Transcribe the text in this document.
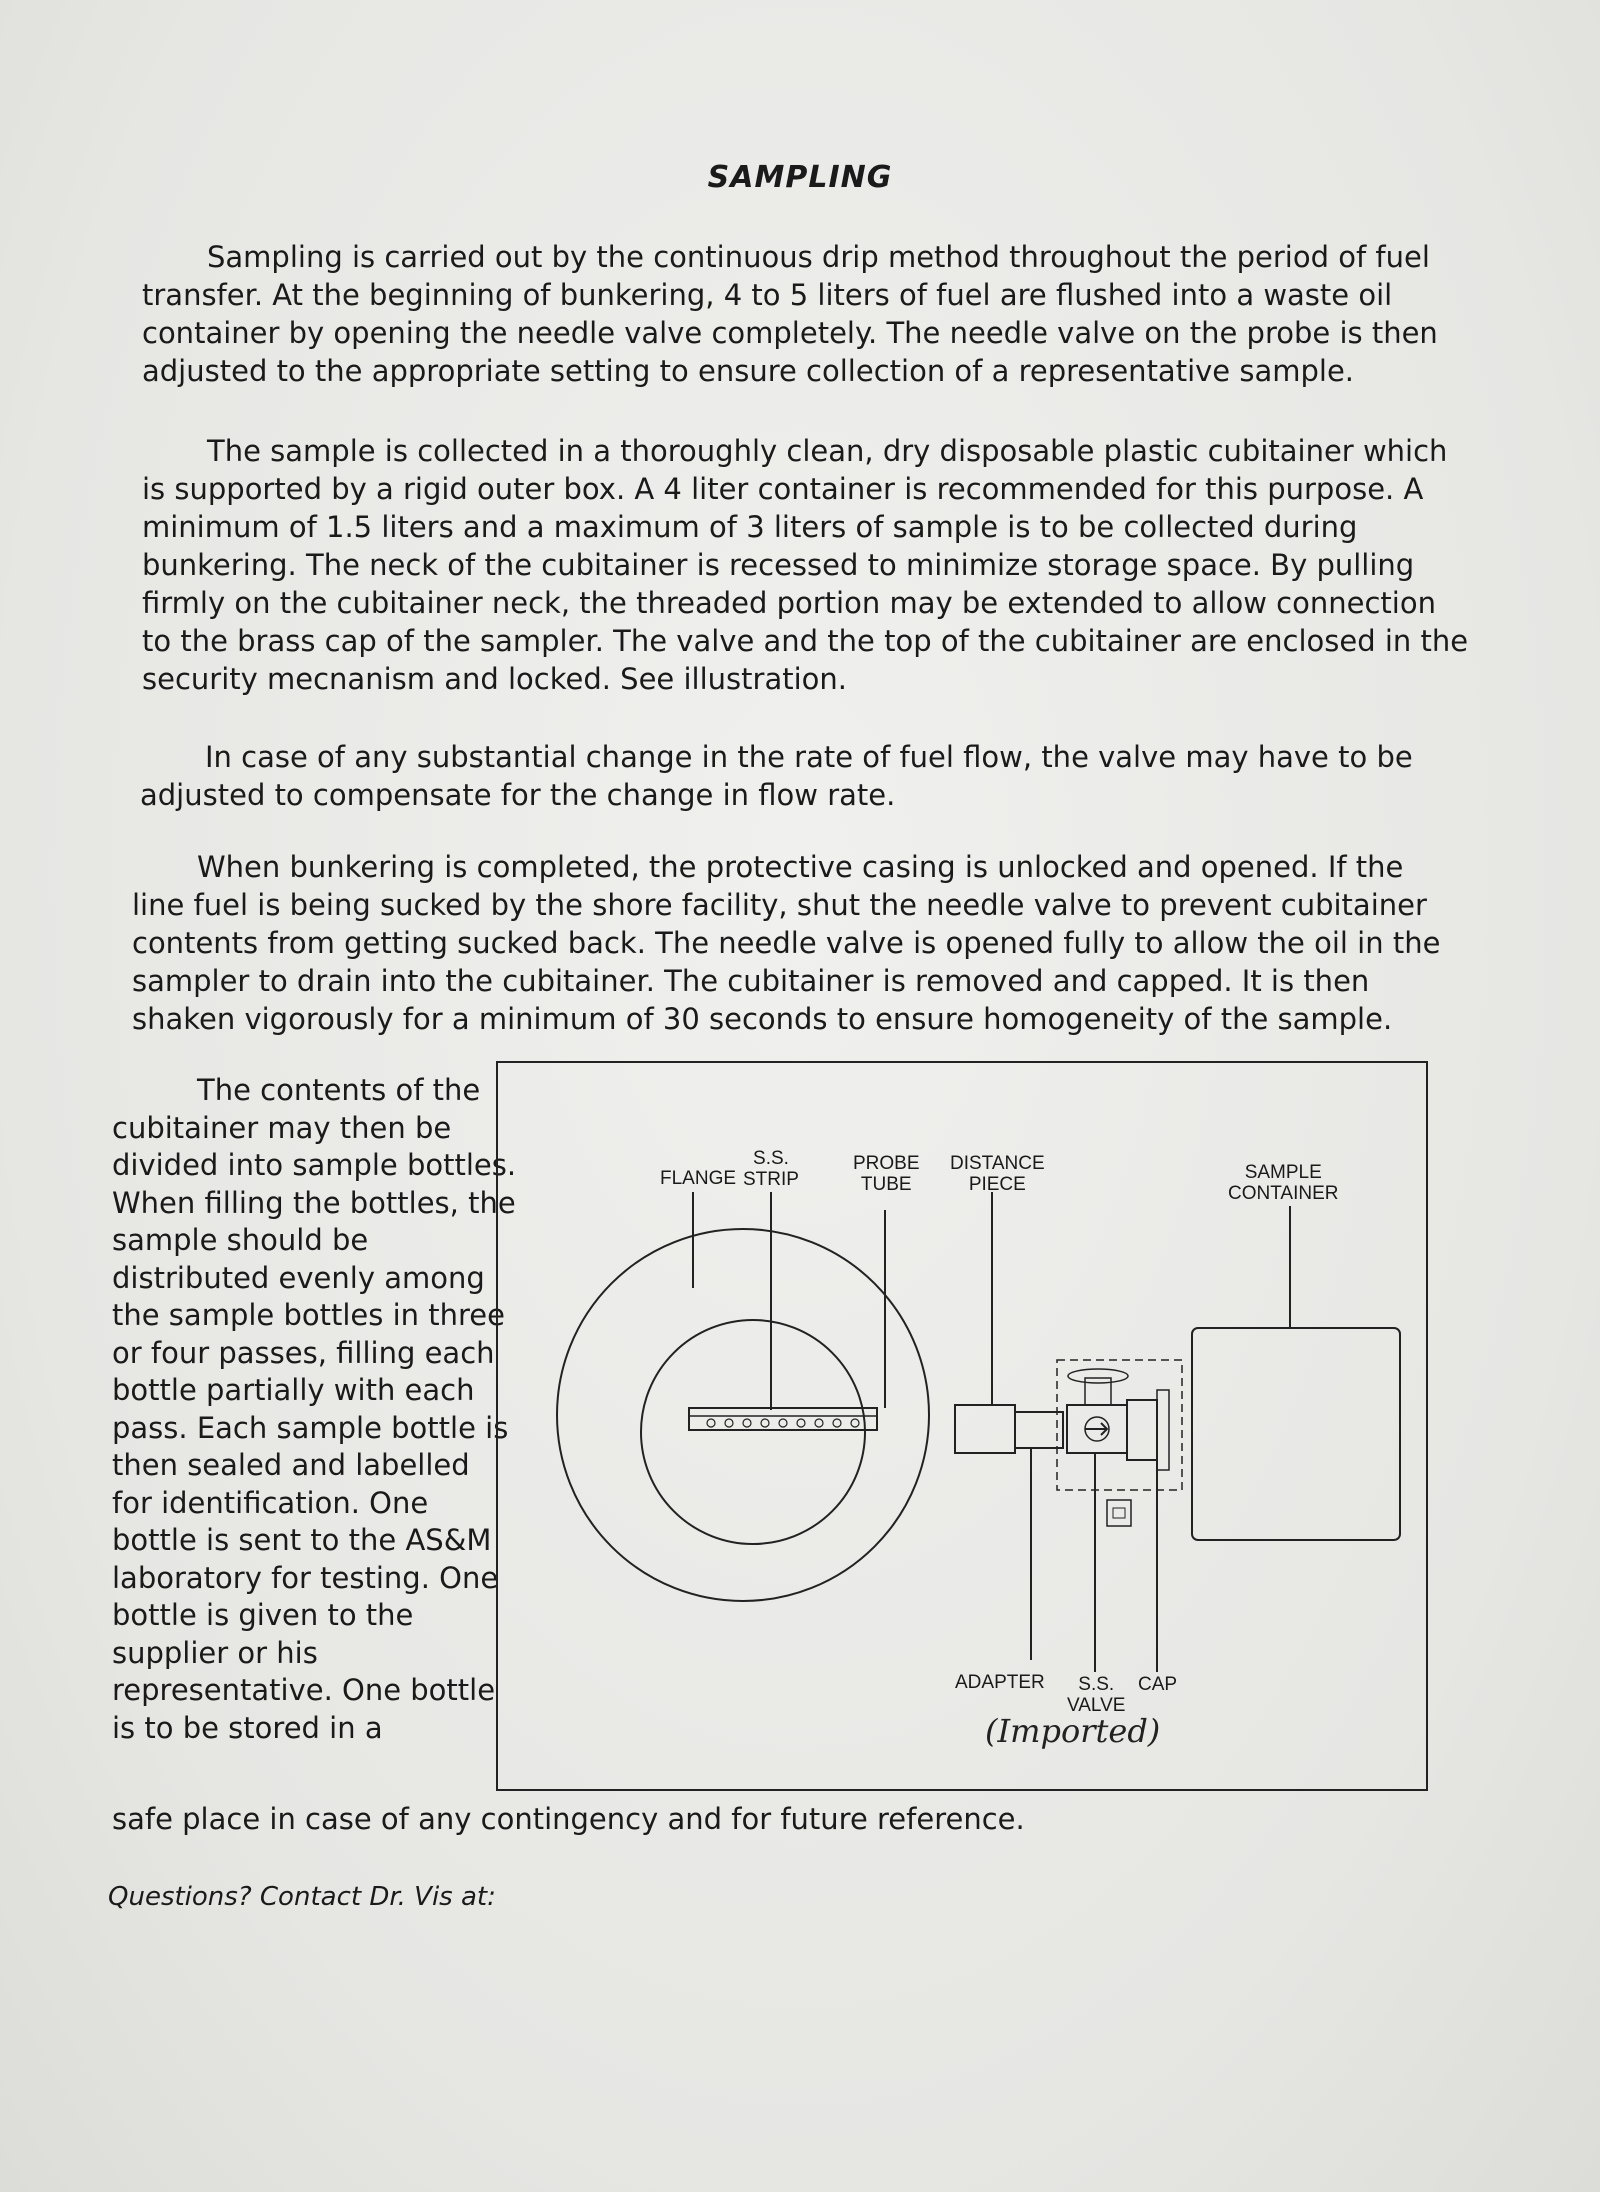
SAMPLING

Sampling is carried out by the continuous drip method throughout the period of fuel transfer. At the beginning of bunkering, 4 to 5 liters of fuel are flushed into a waste oil container by opening the needle valve completely. The needle valve on the probe is then adjusted to the appropriate setting to ensure collection of a representative sample.

The sample is collected in a thoroughly clean, dry disposable plastic cubitainer which is supported by a rigid outer box. A 4 liter container is recommended for this purpose. A minimum of 1.5 liters and a maximum of 3 liters of sample is to be collected during bunkering. The neck of the cubitainer is recessed to minimize storage space. By pulling firmly on the cubitainer neck, the threaded portion may be extended to allow connection to the brass cap of the sampler. The valve and the top of the cubitainer are enclosed in the security mecnanism and locked. See illustration.

In case of any substantial change in the rate of fuel flow, the valve may have to be adjusted to compensate for the change in flow rate.

When bunkering is completed, the protective casing is unlocked and opened. If the line fuel is being sucked by the shore facility, shut the needle valve to prevent cubitainer contents from getting sucked back. The needle valve is opened fully to allow the oil in the sampler to drain into the cubitainer. The cubitainer is removed and capped. It is then shaken vigorously for a minimum of 30 seconds to ensure homogeneity of the sample.

The contents of the cubitainer may then be divided into sample bottles. When filling the bottles, the sample should be distributed evenly among the sample bottles in three or four passes, filling each bottle partially with each pass. Each sample bottle is then sealed and labelled for identification. One bottle is sent to the AS&M laboratory for testing. One bottle is given to the supplier or his representative. One bottle is to be stored in a

safe place in case of any contingency and for future reference.
FLANGE
S.S.
STRIP
PROBE
TUBE
DISTANCE
PIECE
SAMPLE
CONTAINER
ADAPTER	S.S.
VALVE
CAP
(Imported)
Questions? Contact Dr. Vis at:
